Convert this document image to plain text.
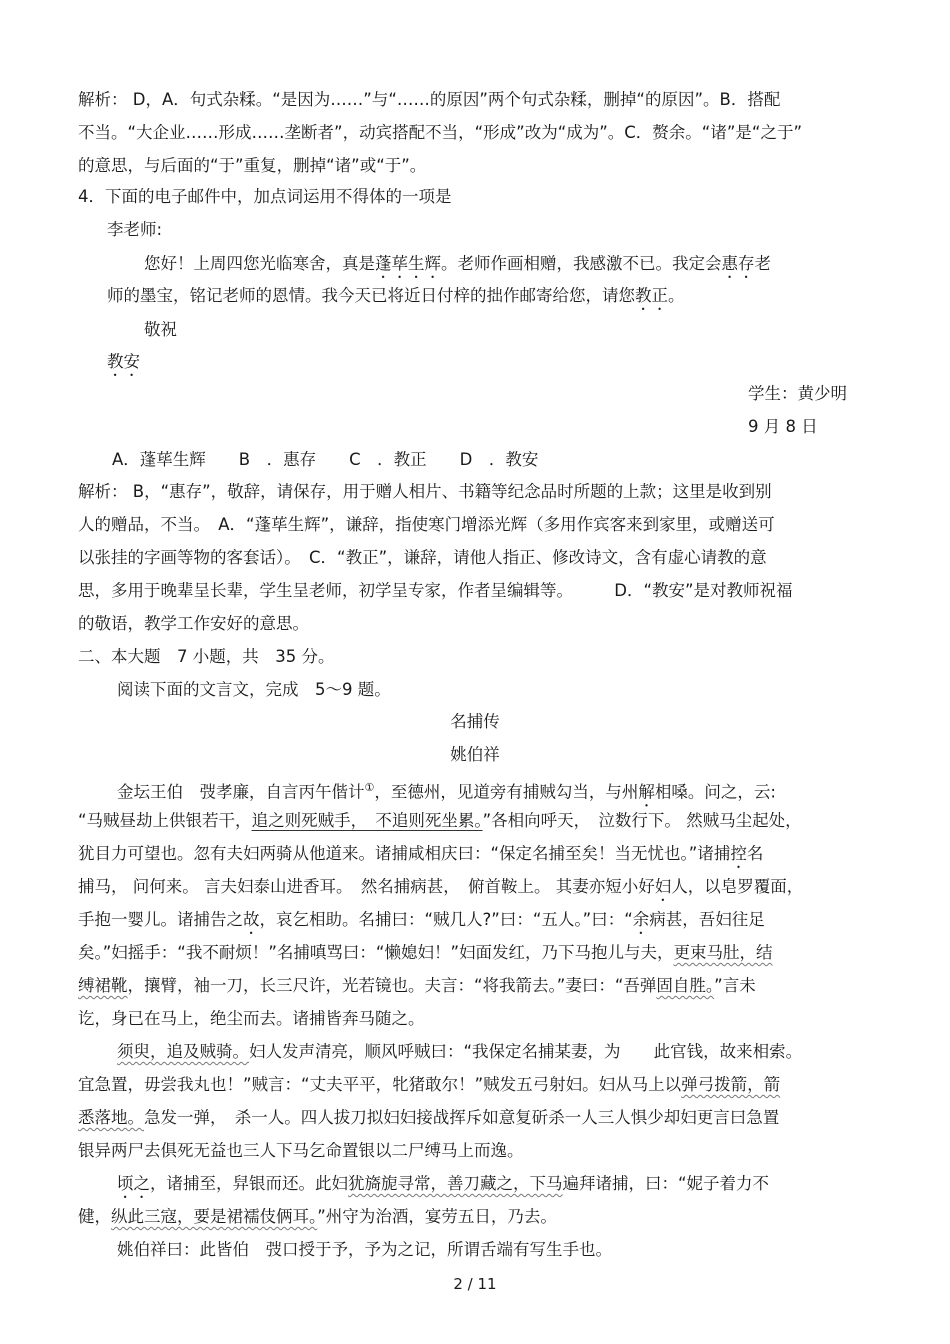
解析： D，A．句式杂糅。“是因为……”与“……的原因”两个句式杂糅，删掉“的原因”。B．搭配
不当。“大企业……形成……垄断者”，动宾搭配不当，“形成”改为“成为”。C．赘余。“诸”是“之于”
的意思，与后面的“于”重复，删掉“诸”或“于”。
4．下面的电子邮件中，加点词运用不得体的一项是
李老师:
您好！上周四您光临寒舍，真是蓬荜生辉。老师作画相赠，我感激不已。我定会惠存老
师的墨宝，铭记老师的恩情。我今天已将近日付梓的拙作邮寄给您，请您教正。
敬祝
教安
学生：黄少明
9 月 8 日
A．蓬荜生辉　　B　．惠存　　C　．教正　　D　．教安
解析： B，“惠存”，敬辞，请保存，用于赠人相片、书籍等纪念品时所题的上款；这里是收到别
人的赠品，不当。　A．“蓬荜生辉”，谦辞，指使寒门增添光辉（多用作宾客来到家里，或赠送可
以张挂的字画等物的客套话）。　C．“教正”，谦辞，请他人指正、修改诗文，含有虚心请教的意
思，多用于晚辈呈长辈，学生呈老师，初学呈专家，作者呈编辑等。　　　D．“教安”是对教师祝福
的敬语，教学工作安好的意思。
二、本大题　7 小题，共　35 分。
阅读下面的文言文，完成　5～9 题。
名捕传
姚伯祥
金坛王伯　弢孝廉，自言丙午偕计①，至德州，见道旁有捕贼勾当，与州解相嗓。问之，云:
“马贼昼劫上供银若干，追之则死贼手，　不追则死坐累。”各相向呼天，　泣数行下。 然贼马尘起处，
犹目力可望也。忽有夫妇两骑从他道来。诸捕咸相庆曰：“保定名捕至矣！当无忧也。”诸捕控名
捕马， 问何来。 言夫妇泰山进香耳。　然名捕病甚，　俯首鞍上。 其妻亦短小好妇人，以皂罗覆面，
手抱一婴儿。诸捕告之故，哀乞相助。名捕曰：“贼几人?”曰：“五人。”曰：“余病甚，吾妇往足
矣。”妇摇手：“我不耐烦！”名捕嗔骂曰：“懒媳妇！”妇面发红，乃下马抱儿与夫，更束马肚，结
缚裙靴，攘臂，袖一刀，长三尺许，光若镜也。夫言：“将我箭去。”妻曰：“吾弹固自胜。”言未
讫，身已在马上，绝尘而去。诸捕皆奔马随之。
须臾，追及贼骑。妇人发声清亮，顺风呼贼曰：“我保定名捕某妻，为　　此官钱，故来相索。
宜急置，毋尝我丸也！”贼言：“丈夫平平，牝猪敢尔！”贼发五弓射妇。妇从马上以弹弓拨箭，箭
悉落地。急发一弹，　杀一人。四人拔刀拟妇妇接战挥斥如意复斫杀一人三人惧少却妇更言曰急置
银异两尸去俱死无益也三人下马乞命置银以二尸缚马上而逸。
顷之，诸捕至，舁银而还。此妇犹旖旎寻常，善刀藏之，下马遍拜诸捕，曰：“妮子着力不
健，纵此三寇，要是裙襦伎俩耳。”州守为治酒，宴劳五日，乃去。
姚伯祥曰：此皆伯　弢口授于予，予为之记，所谓舌端有写生手也。
2 / 11
